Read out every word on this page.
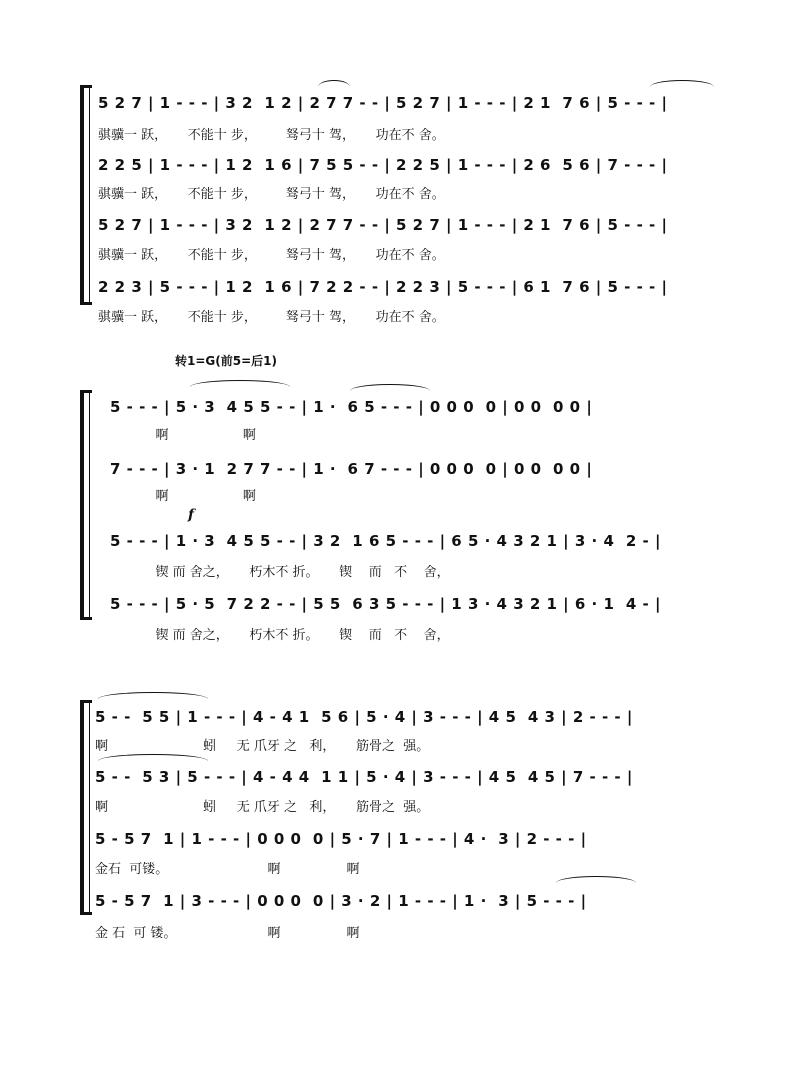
5 2 7 | 1 - - - | 3 2  1 2 | 2 7 7 - - | 5 2 7 | 1 - - - | 2 1  7 6 | 5 - - - |
骐骥一 跃，     不能十 步，       驽弓十 驾，     功在不 舍。
2 2 5 | 1 - - - | 1 2  1 6 | 7 5 5 - - | 2 2 5 | 1 - - - | 2 6  5 6 | 7 - - - |
骐骥一 跃，     不能十 步，       驽弓十 驾，     功在不 舍。
5 2 7 | 1 - - - | 3 2  1 2 | 2 7 7 - - | 5 2 7 | 1 - - - | 2 1  7 6 | 5 - - - |
骐骥一 跃，     不能十 步，       驽弓十 驾，     功在不 舍。
2 2 3 | 5 - - - | 1 2  1 6 | 7 2 2 - - | 2 2 3 | 5 - - - | 6 1  7 6 | 5 - - - |
骐骥一 跃，     不能十 步，       驽弓十 驾，     功在不 舍。
转1=G(前5=后1)
5 - - - | 5 · 3  4 5 5 - - | 1 ·  6 5 - - - | 0 0 0  0 | 0 0  0 0 |
啊                  啊
7 - - - | 3 · 1  2 7 7 - - | 1 ·  6 7 - - - | 0 0 0  0 | 0 0  0 0 |
啊                  啊
f
5 - - - | 1 · 3  4 5 5 - - | 3 2  1 6 5 - - - | 6 5 · 4 3 2 1 | 3 · 4  2 - |
锲 而 舍之，     朽木不 折。     锲    而   不    舍，
5 - - - | 5 · 5  7 2 2 - - | 5 5  6 3 5 - - - | 1 3 · 4 3 2 1 | 6 · 1  4 - |
锲 而 舍之，     朽木不 折。     锲    而   不    舍，
5 - -  5 5 | 1 - - - | 4 - 4 1  5 6 | 5 · 4 | 3 - - - | 4 5  4 3 | 2 - - - |
啊                       蚓     无 爪牙 之   利，     筋骨之  强。
5 - -  5 3 | 5 - - - | 4 - 4 4  1 1 | 5 · 4 | 3 - - - | 4 5  4 5 | 7 - - - |
啊                       蚓     无 爪牙 之   利，     筋骨之  强。
5 - 5 7  1 | 1 - - - | 0 0 0  0 | 5 · 7 | 1 - - - | 4 ·  3 | 2 - - - |
金石  可镂。                        啊                啊
5 - 5 7  1 | 3 - - - | 0 0 0  0 | 3 · 2 | 1 - - - | 1 ·  3 | 5 - - - |
金 石  可 镂。                      啊                啊
